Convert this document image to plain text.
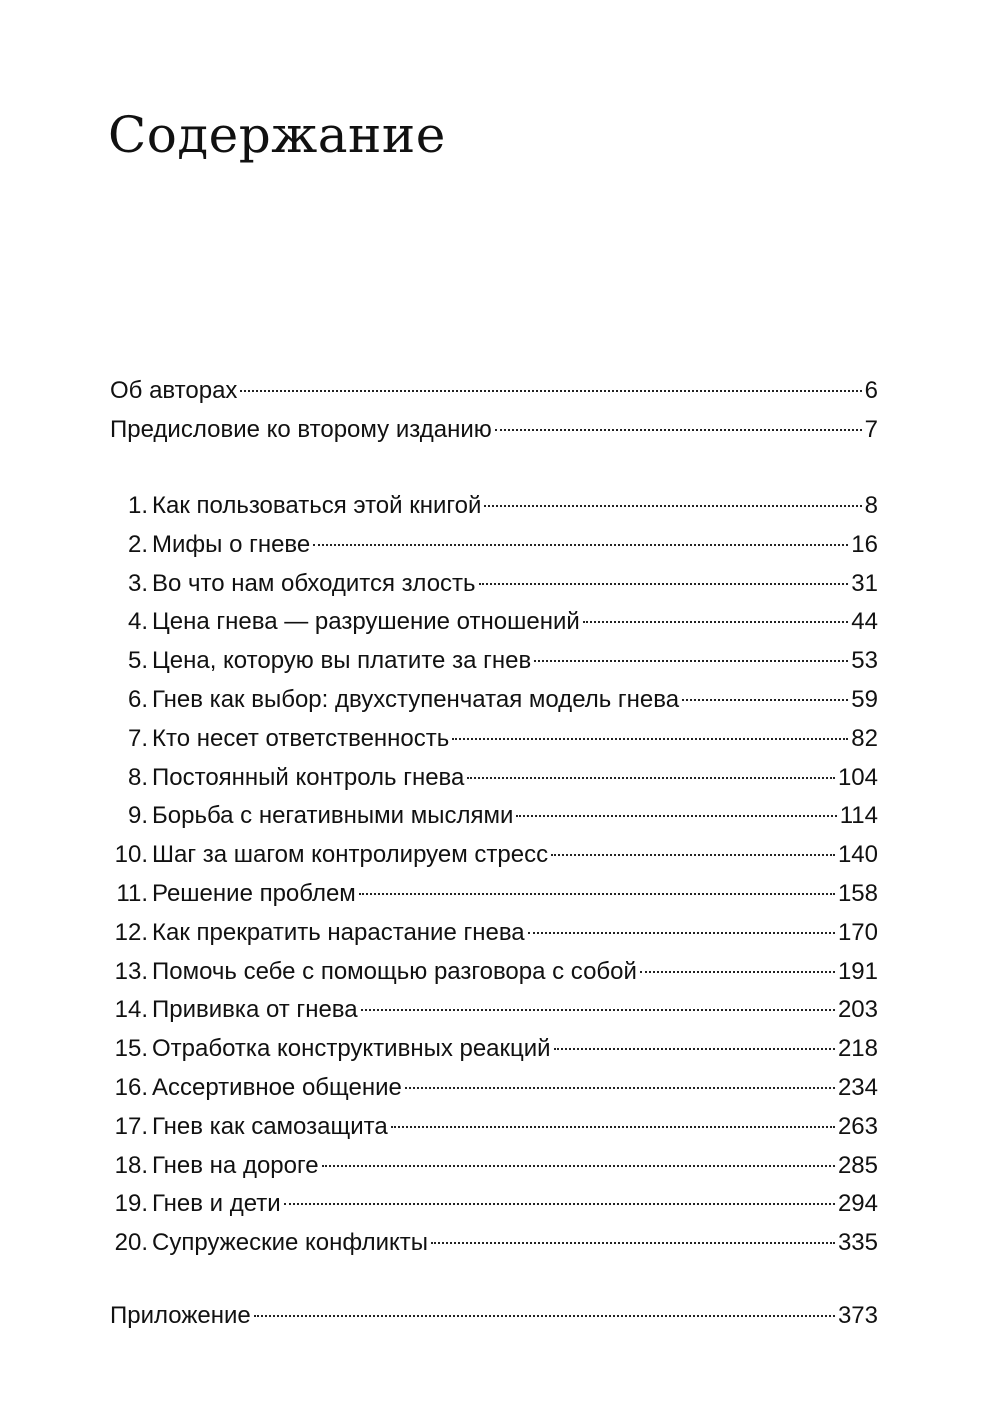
Содержание
Об авторах	6
Предисловие ко второму изданию	7
1. Как пользоваться этой книгой	8
2. Мифы о гневе	16
3. Во что нам обходится злость	31
4. Цена гнева — разрушение отношений	44
5. Цена, которую вы платите за гнев	53
6. Гнев как выбор: двухступенчатая модель гнева	59
7. Кто несет ответственность	82
8. Постоянный контроль гнева	104
9. Борьба с негативными мыслями	114
10. Шаг за шагом контролируем стресс	140
11. Решение проблем	158
12. Как прекратить нарастание гнева	170
13. Помочь себе с помощью разговора с собой	191
14. Прививка от гнева	203
15. Отработка конструктивных реакций	218
16. Ассертивное общение	234
17. Гнев как самозащита	263
18. Гнев на дороге	285
19. Гнев и дети	294
20. Супружеские конфликты	335
Приложение	373
